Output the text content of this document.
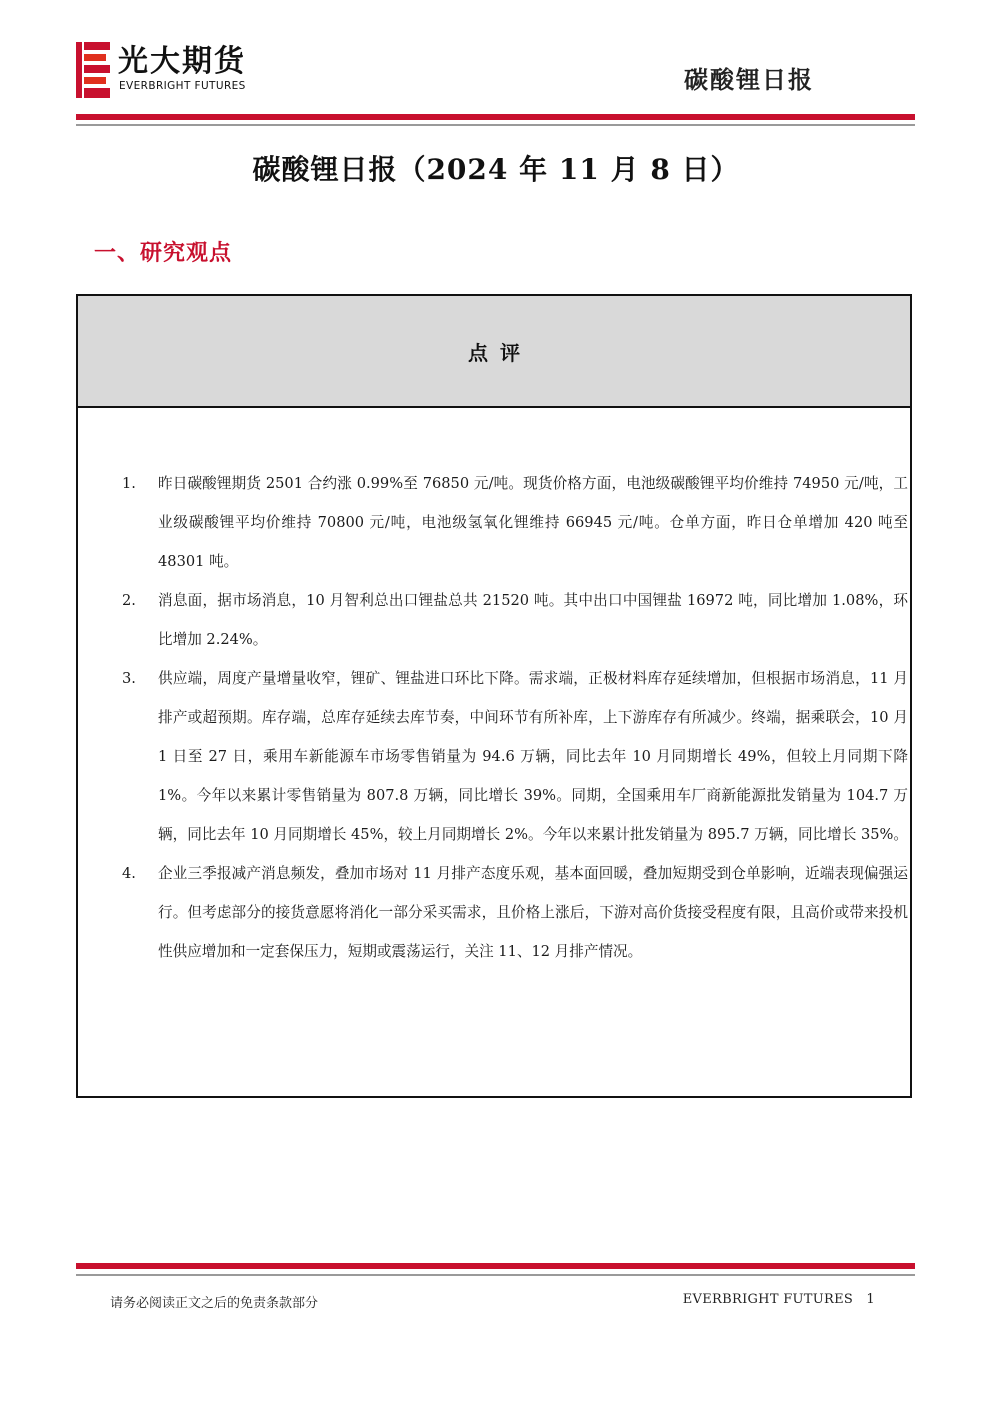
光大期货
EVERBRIGHT FUTURES	碳酸锂日报
碳酸锂日报（2024 年 11 月 8 日）
一、研究观点
点评
1. 昨日碳酸锂期货 2501 合约涨 0.99%至 76850 元/吨。现货价格方面，电池级碳酸锂平均价维持 74950 元/吨，工业级碳酸锂平均价维持 70800 元/吨，电池级氢氧化锂维持 66945 元/吨。仓单方面，昨日仓单增加 420 吨至 48301 吨。
2. 消息面，据市场消息，10 月智利总出口锂盐总共 21520 吨。其中出口中国锂盐 16972 吨，同比增加 1.08%，环比增加 2.24%。
3. 供应端，周度产量增量收窄，锂矿、锂盐进口环比下降。需求端，正极材料库存延续增加，但根据市场消息，11 月排产或超预期。库存端，总库存延续去库节奏，中间环节有所补库，上下游库存有所减少。终端，据乘联会，10 月 1 日至 27 日，乘用车新能源车市场零售销量为 94.6 万辆，同比去年 10 月同期增长 49%，但较上月同期下降 1%。今年以来累计零售销量为 807.8 万辆，同比增长 39%。同期，全国乘用车厂商新能源批发销量为 104.7 万辆，同比去年 10 月同期增长 45%，较上月同期增长 2%。今年以来累计批发销量为 895.7 万辆，同比增长 35%。
4. 企业三季报减产消息频发，叠加市场对 11 月排产态度乐观，基本面回暖，叠加短期受到仓单影响，近端表现偏强运行。但考虑部分的接货意愿将消化一部分采买需求，且价格上涨后，下游对高价货接受程度有限，且高价或带来投机性供应增加和一定套保压力，短期或震荡运行，关注 11、12 月排产情况。
请务必阅读正文之后的免责条款部分	EVERBRIGHT FUTURES 1
